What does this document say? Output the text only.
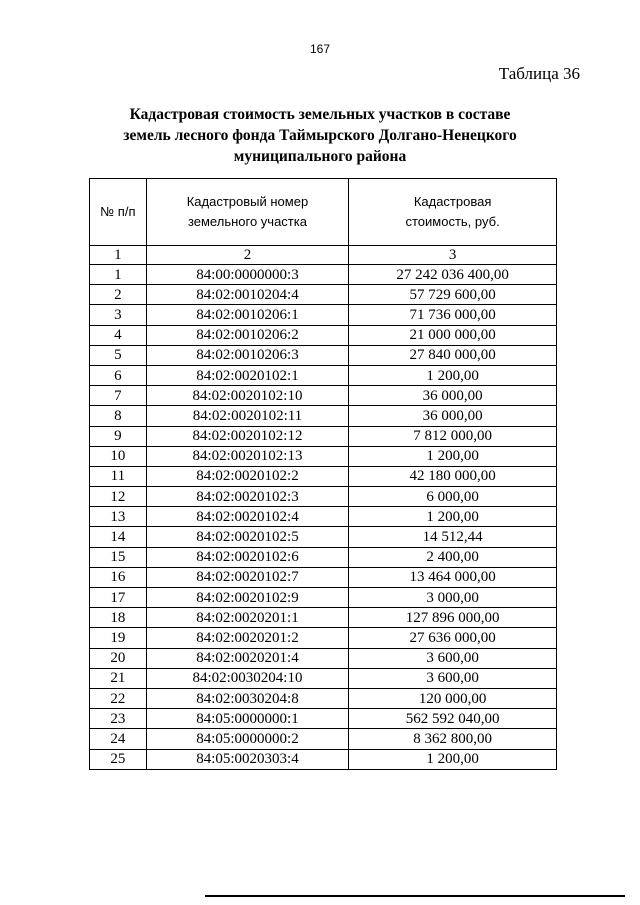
167
Таблица 36
Кадастровая стоимость земельных участков в составе
земель лесного фонда Таймырского Долгано-Ненецкого
муниципального района
№ п/п	Кадастровый номер земельного участка	Кадастровая стоимость, руб.
1	2	3
1	84:00:0000000:3	27 242 036 400,00
2	84:02:0010204:4	57 729 600,00
3	84:02:0010206:1	71 736 000,00
4	84:02:0010206:2	21 000 000,00
5	84:02:0010206:3	27 840 000,00
6	84:02:0020102:1	1 200,00
7	84:02:0020102:10	36 000,00
8	84:02:0020102:11	36 000,00
9	84:02:0020102:12	7 812 000,00
10	84:02:0020102:13	1 200,00
11	84:02:0020102:2	42 180 000,00
12	84:02:0020102:3	6 000,00
13	84:02:0020102:4	1 200,00
14	84:02:0020102:5	14 512,44
15	84:02:0020102:6	2 400,00
16	84:02:0020102:7	13 464 000,00
17	84:02:0020102:9	3 000,00
18	84:02:0020201:1	127 896 000,00
19	84:02:0020201:2	27 636 000,00
20	84:02:0020201:4	3 600,00
21	84:02:0030204:10	3 600,00
22	84:02:0030204:8	120 000,00
23	84:05:0000000:1	562 592 040,00
24	84:05:0000000:2	8 362 800,00
25	84:05:0020303:4	1 200,00
